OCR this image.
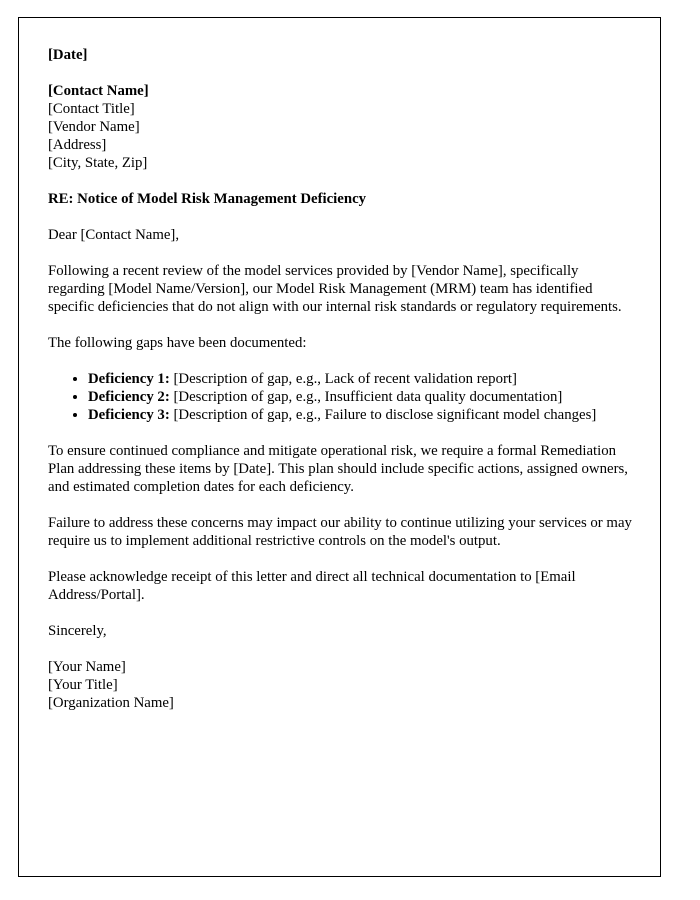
[Date]

[Contact Name]
[Contact Title]
[Vendor Name]
[Address]
[City, State, Zip]

RE: Notice of Model Risk Management Deficiency

Dear [Contact Name],

Following a recent review of the model services provided by [Vendor Name], specifically regarding [Model Name/Version], our Model Risk Management (MRM) team has identified specific deficiencies that do not align with our internal risk standards or regulatory requirements.

The following gaps have been documented:

• Deficiency 1: [Description of gap, e.g., Lack of recent validation report]
• Deficiency 2: [Description of gap, e.g., Insufficient data quality documentation]
• Deficiency 3: [Description of gap, e.g., Failure to disclose significant model changes]

To ensure continued compliance and mitigate operational risk, we require a formal Remediation Plan addressing these items by [Date]. This plan should include specific actions, assigned owners, and estimated completion dates for each deficiency.

Failure to address these concerns may impact our ability to continue utilizing your services or may require us to implement additional restrictive controls on the model's output.

Please acknowledge receipt of this letter and direct all technical documentation to [Email Address/Portal].

Sincerely,

[Your Name]
[Your Title]
[Organization Name]
